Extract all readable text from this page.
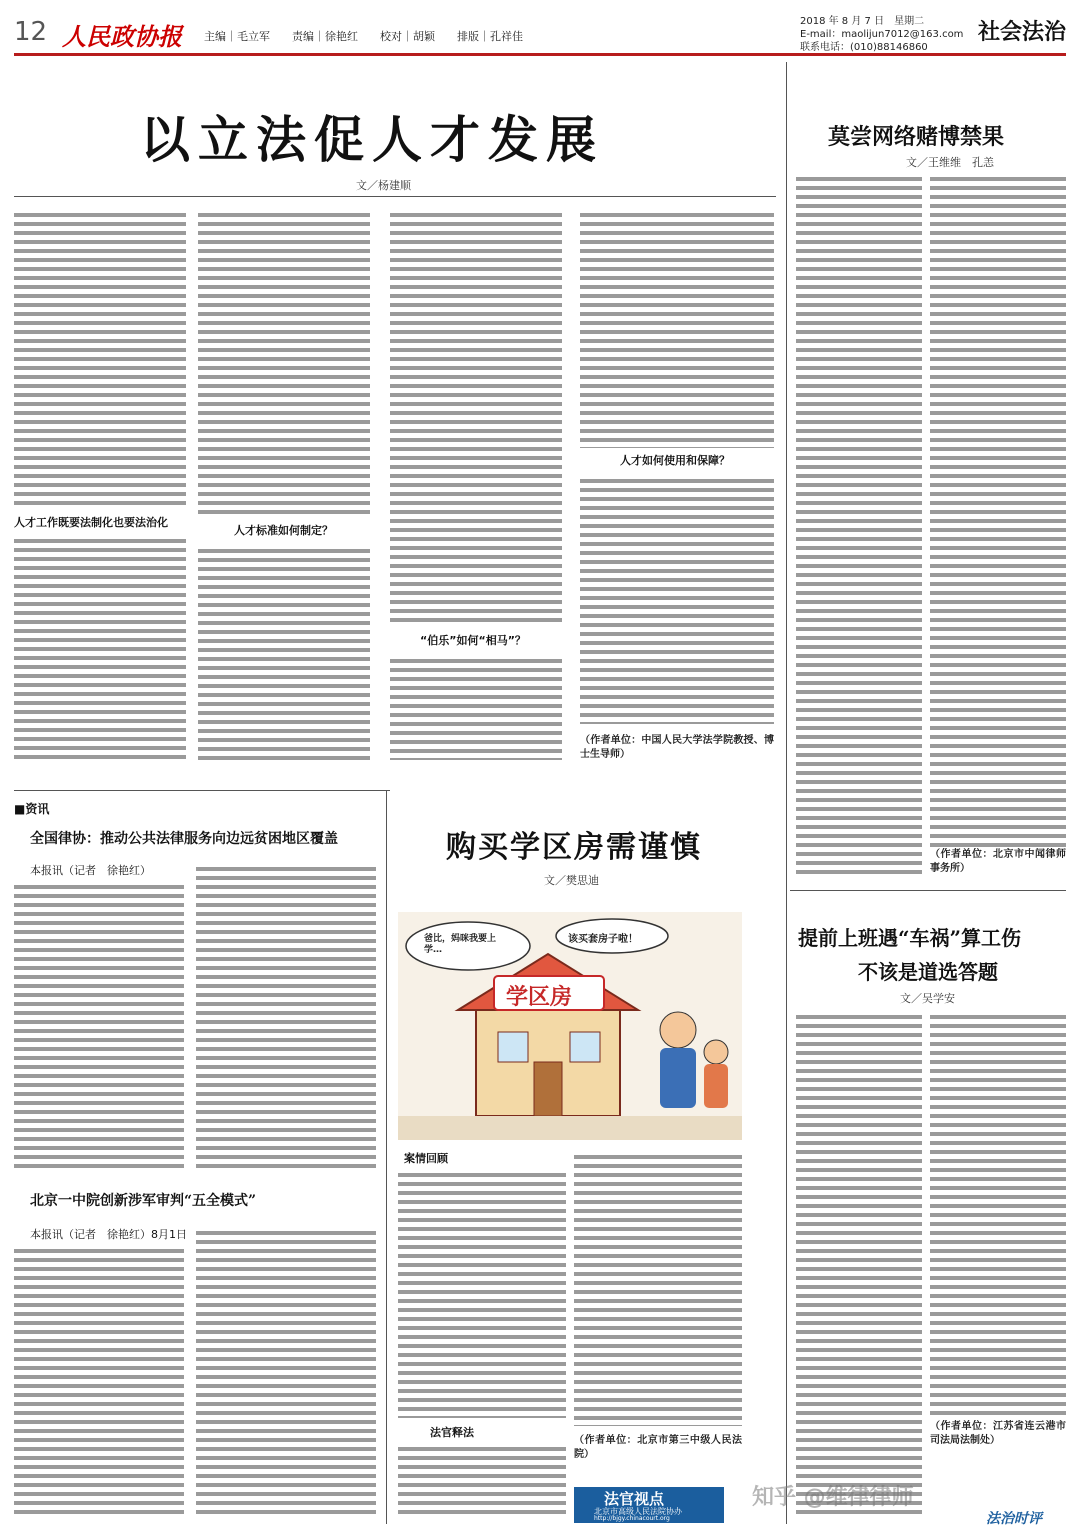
12 人民政协报 主编｜毛立军　　责编｜徐艳红　　校对｜胡颖　　排版｜孔祥佳
2018 年 8 月 7 日　星期二
E-mail：maolijun7012@163.com
联系电话：(010)88146860
社会法治
以立法促人才发展
文／杨建顺
人才工作既要法制化也要法治化
人才标准如何制定？
“伯乐”如何“相马”？
人才如何使用和保障？
（作者单位：中国人民大学法学院教授、博士生导师）
莫尝网络赌博禁果
文／王维维　孔恙
（作者单位：北京市中闻律师事务所）
提前上班遇“车祸”算工伤
不该是道选答题
文／吴学安
（作者单位：江苏省连云港市司法局法制处）
■资讯
全国律协：推动公共法律服务向边远贫困地区覆盖
本报讯（记者　徐艳红）
北京一中院创新涉军审判“五全模式”
本报讯（记者　徐艳红）8月1日
购买学区房需谨慎
文／樊思迪
爸比，妈咪我要上学…
该买套房子啦！
学区房
案情回顾
法官释法
（作者单位：北京市第三中级人民法院）
法官视点
北京市高级人民法院协办
http://bjgy.chinacourt.org
知乎 @维律律师
法治时评
